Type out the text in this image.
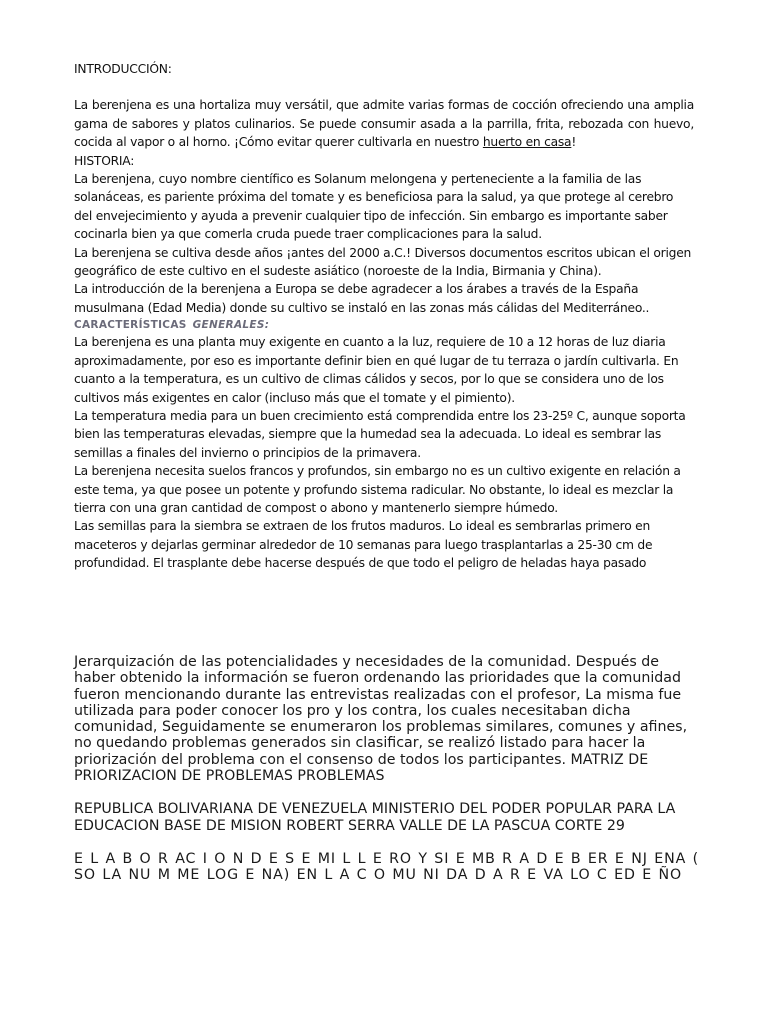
INTRODUCCIÓN:

La berenjena es una hortaliza muy versátil, que admite varias formas de cocción ofreciendo una amplia gama de sabores y platos culinarios. Se puede consumir asada a la parrilla, frita, rebozada con huevo, cocida al vapor o al horno. ¡Cómo evitar querer cultivarla en nuestro huerto en casa!

HISTORIA:

La berenjena, cuyo nombre científico es Solanum melongena y perteneciente a la familia de las solanáceas, es pariente próxima del tomate y es beneficiosa para la salud, ya que protege al cerebro del envejecimiento y ayuda a prevenir cualquier tipo de infección. Sin embargo es importante saber cocinarla bien ya que comerla cruda puede traer complicaciones para la salud.

La berenjena se cultiva desde años ¡antes del 2000 a.C.! Diversos documentos escritos ubican el origen geográfico de este cultivo en el sudeste asiático (noroeste de la India, Birmania y China).

La introducción de la berenjena a Europa se debe agradecer a los árabes a través de la España musulmana (Edad Media) donde su cultivo se instaló en las zonas más cálidas del Mediterráneo..

CARACTERÍSTICAS GENERALES:

La berenjena es una planta muy exigente en cuanto a la luz, requiere de 10 a 12 horas de luz diaria aproximadamente, por eso es importante definir bien en qué lugar de tu terraza o jardín cultivarla. En cuanto a la temperatura, es un cultivo de climas cálidos y secos, por lo que se considera uno de los cultivos más exigentes en calor (incluso más que el tomate y el pimiento).

La temperatura media para un buen crecimiento está comprendida entre los 23-25º C, aunque soporta bien las temperaturas elevadas, siempre que la humedad sea la adecuada. Lo ideal es sembrar las semillas a finales del invierno o principios de la primavera.

La berenjena necesita suelos francos y profundos, sin embargo no es un cultivo exigente en relación a este tema, ya que posee un potente y profundo sistema radicular. No obstante, lo ideal es mezclar la tierra con una gran cantidad de compost o abono y mantenerlo siempre húmedo.

Las semillas para la siembra se extraen de los frutos maduros. Lo ideal es sembrarlas primero en maceteros y dejarlas germinar alrededor de 10 semanas para luego trasplantarlas a 25-30 cm de profundidad. El trasplante debe hacerse después de que todo el peligro de heladas haya pasado

Jerarquización de las potencialidades y necesidades de la comunidad. Después de haber obtenido la información se fueron ordenando las prioridades que la comunidad fueron mencionando durante las entrevistas realizadas con el profesor, La misma fue utilizada para poder conocer los pro y los contra, los cuales necesitaban dicha comunidad, Seguidamente se enumeraron los problemas similares, comunes y afines, no quedando problemas generados sin clasificar, se realizó listado para hacer la priorización del problema con el consenso de todos los participantes. MATRIZ DE PRIORIZACION DE PROBLEMAS PROBLEMAS

REPUBLICA BOLIVARIANA DE VENEZUELA MINISTERIO DEL PODER POPULAR PARA LA EDUCACION BASE DE MISION ROBERT SERRA VALLE DE LA PASCUA CORTE 29

E L A B O R AC I O N D E S E MI L L E RO Y SI E MB R A D E B ER E NJ ENA ( SO LA NU M ME LOG E NA) EN L A C O MU NI DA D A R E VA LO C ED E ÑO
